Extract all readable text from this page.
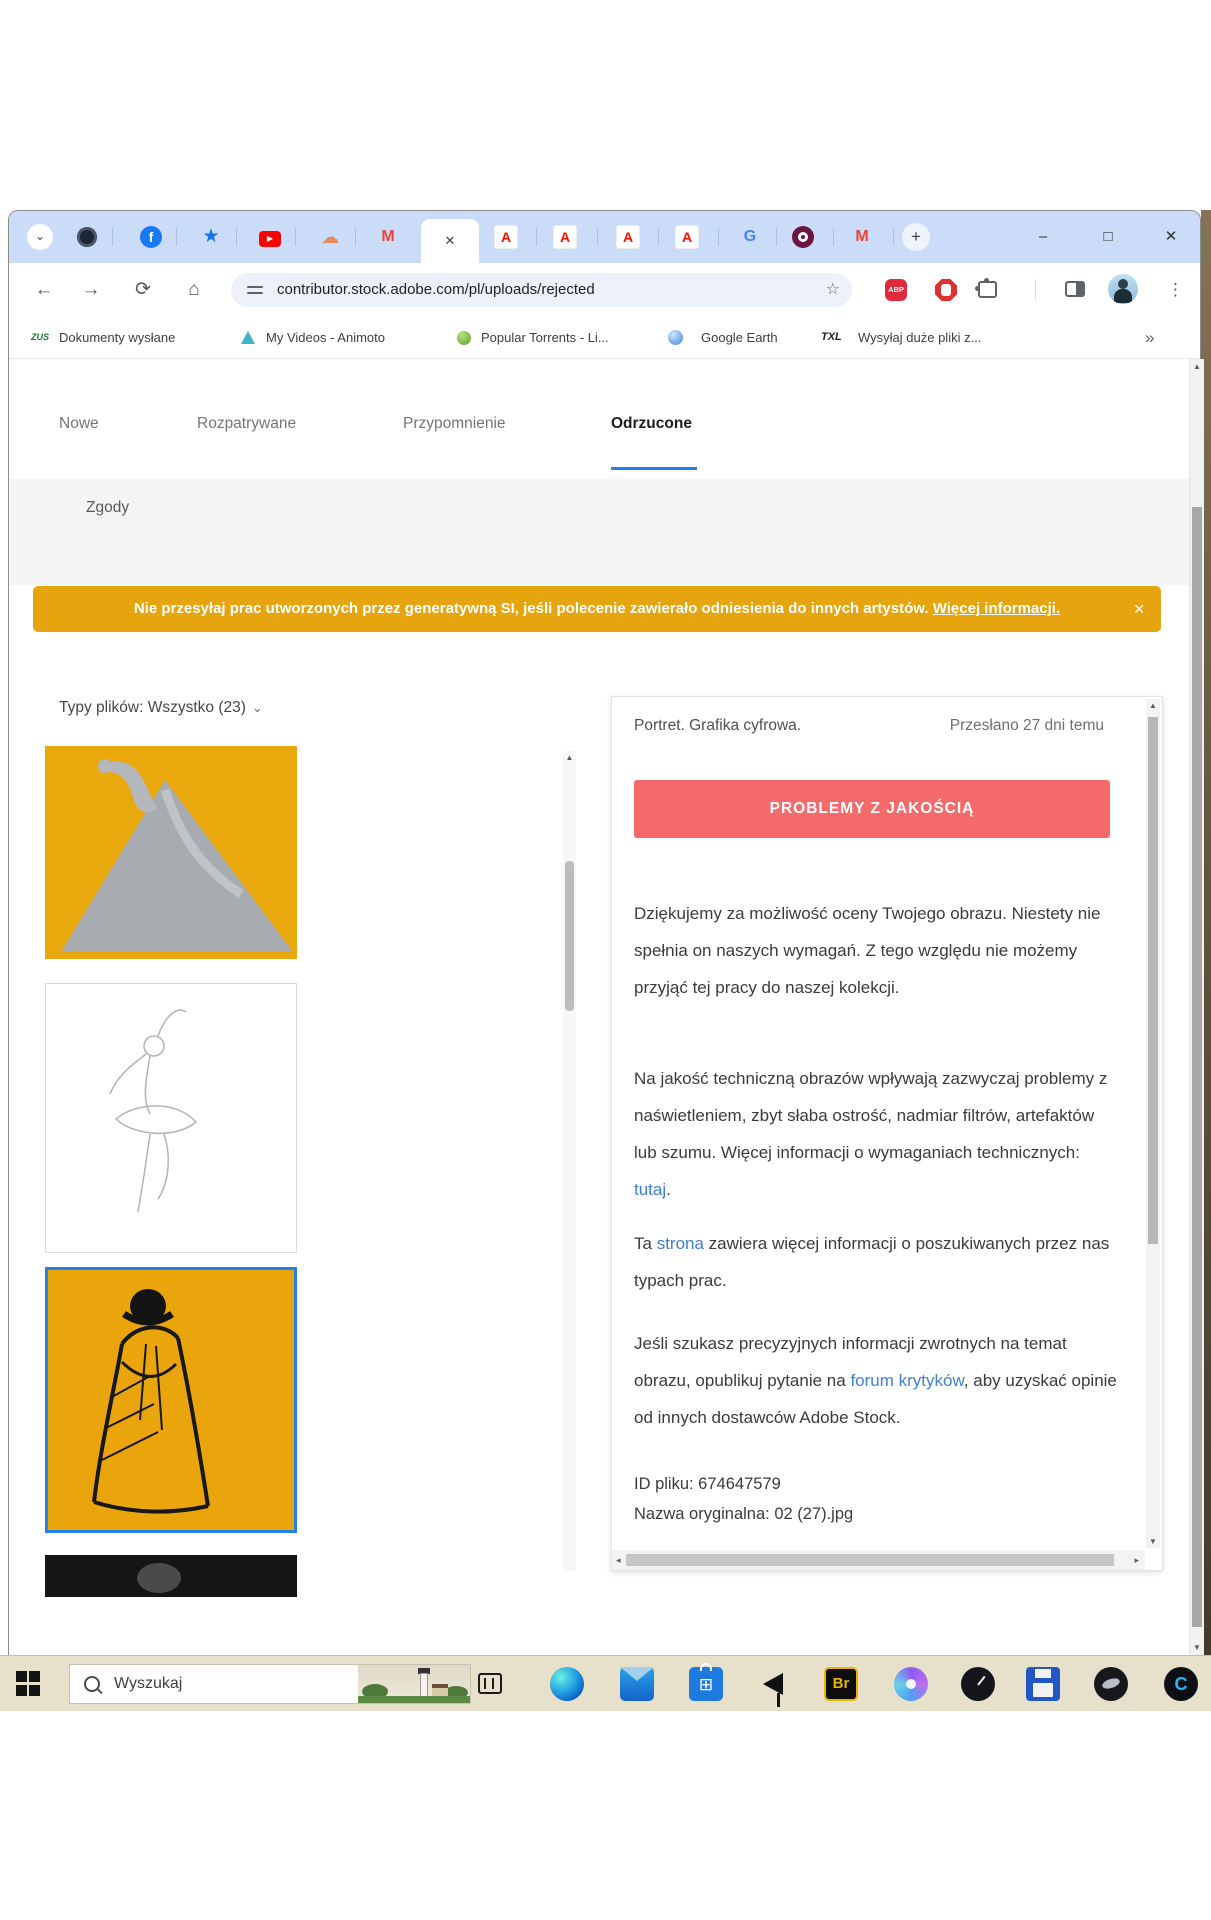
⌄	f	★	▶	☁	M	✕	A	A	A	A	G	M	+	–	□	✕
← → ⟳	⌂	contributor.stock.adobe.com/pl/uploads/rejected	☆	ABP	⋮
ZUS Dokumenty wysłane	My Videos - Animoto	Popular Torrents - Li...	Google Earth	TXL Wysyłaj duże pliki z...	»
Nowe	Rozpatrywane	Przypomnienie	Odrzucone
Zgody
Nie przesyłaj prac utworzonych przez generatywną SI, jeśli polecenie zawierało odniesienia do innych artystów. Więcej informacji.	✕
Typy plików: Wszystko (23) ⌄
▲
Portret. Grafika cyfrowa.	Przesłano 27 dni temu
PROBLEMY Z JAKOŚCIĄ

Dziękujemy za możliwość oceny Twojego obrazu. Niestety nie spełnia on naszych wymagań. Z tego względu nie możemy przyjąć tej pracy do naszej kolekcji.

Na jakość techniczną obrazów wpływają zazwyczaj problemy z naświetleniem, zbyt słaba ostrość, nadmiar filtrów, artefaktów lub szumu. Więcej informacji o wymaganiach technicznych: tutaj.

Ta strona zawiera więcej informacji o poszukiwanych przez nas typach prac.

Jeśli szukasz precyzyjnych informacji zwrotnych na temat obrazu, opublikuj pytanie na forum krytyków, aby uzyskać opinie od innych dostawców Adobe Stock.

ID pliku: 674647579
Nazwa oryginalna: 02 (27).jpg
▲
▼
◂	▸
▲
▼
Wyszukaj	⊞	Br	C
